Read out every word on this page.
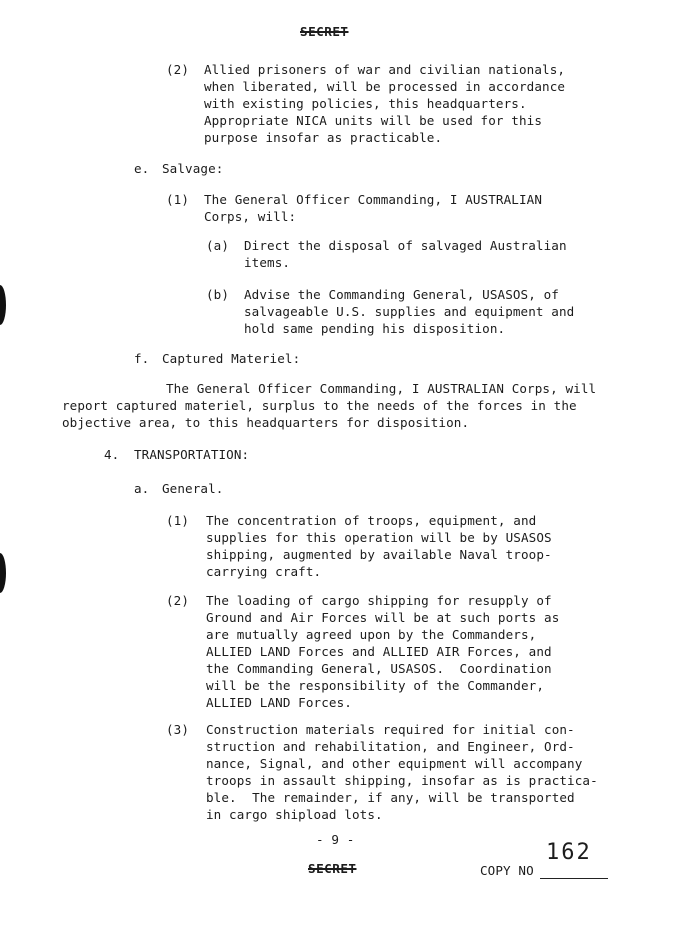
SECRET
(2) Allied prisoners of war and civilian nationals,
when liberated, will be processed in accordance
with existing policies, this headquarters.
Appropriate NICA units will be used for this
purpose insofar as practicable.
e. Salvage:
(1) The General Officer Commanding, I AUSTRALIAN
Corps, will:
(a) Direct the disposal of salvaged Australian
items.
(b) Advise the Commanding General, USASOS, of
salvageable U.S. supplies and equipment and
hold same pending his disposition.
f. Captured Materiel:
The General Officer Commanding, I AUSTRALIAN Corps, will
report captured materiel, surplus to the needs of the forces in the
objective area, to this headquarters for disposition.
4. TRANSPORTATION:
a. General.
(1) The concentration of troops, equipment, and
supplies for this operation will be by USASOS
shipping, augmented by available Naval troop-
carrying craft.
(2) The loading of cargo shipping for resupply of
Ground and Air Forces will be at such ports as
are mutually agreed upon by the Commanders,
ALLIED LAND Forces and ALLIED AIR Forces, and
the Commanding General, USASOS.  Coordination
will be the responsibility of the Commander,
ALLIED LAND Forces.
(3) Construction materials required for initial con-
struction and rehabilitation, and Engineer, Ord-
nance, Signal, and other equipment will accompany
troops in assault shipping, insofar as is practica-
ble.  The remainder, if any, will be transported
in cargo shipload lots.
- 9 -
SECRET	COPY NO
162
